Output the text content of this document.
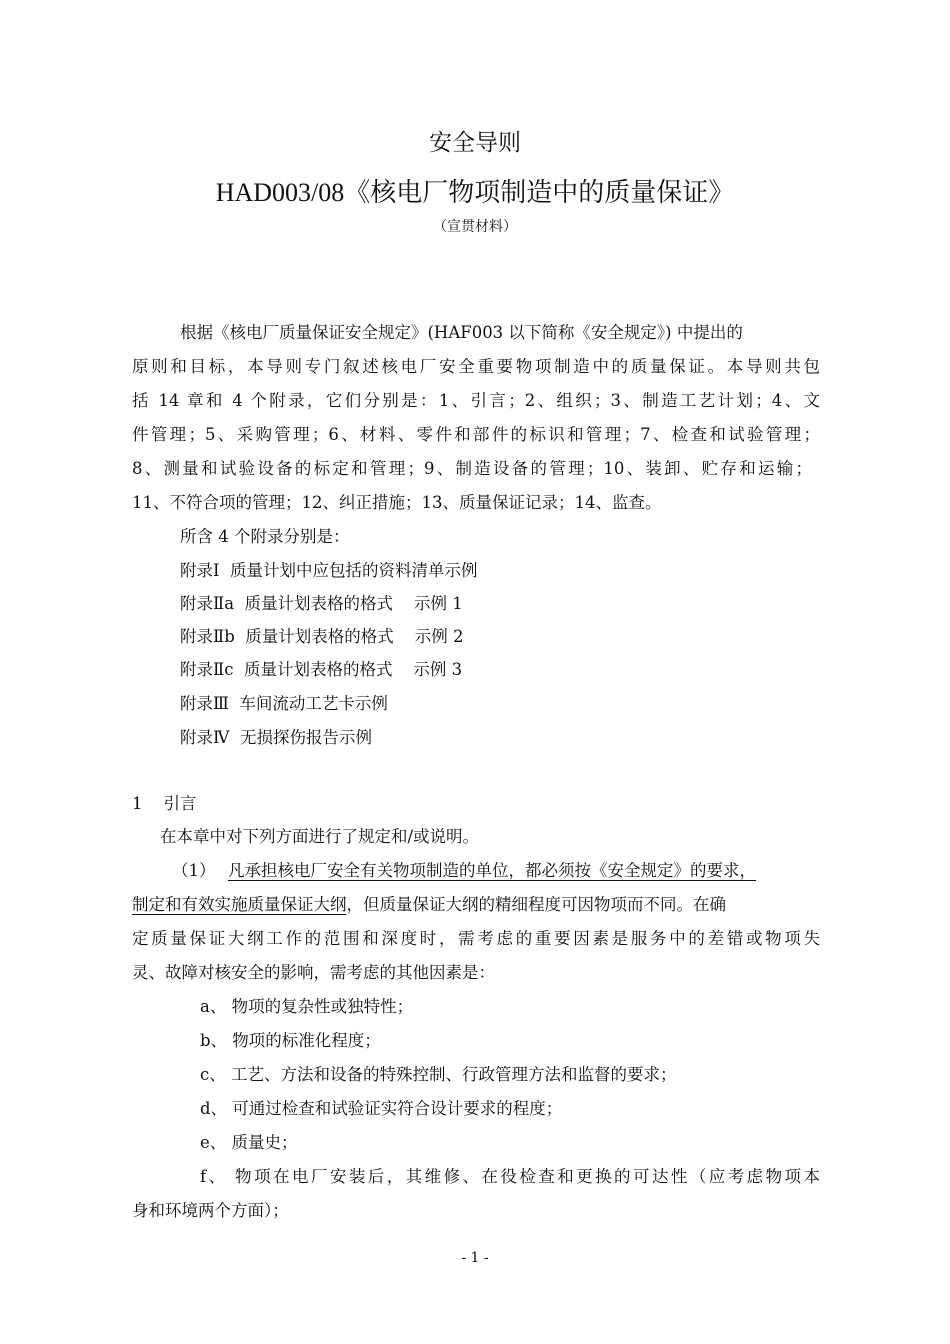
安全导则
HAD003/08《核电厂物项制造中的质量保证》
（宣贯材料）
根据《核电厂质量保证安全规定》(HAF003 以下简称《安全规定》) 中提出的
原则和目标，本导则专门叙述核电厂安全重要物项制造中的质量保证。本导则共包
括 14 章和 4 个附录，它们分别是：1、引言；2、组织；3、制造工艺计划；4、文
件管理；5、采购管理；6、材料、零件和部件的标识和管理；7、检查和试验管理；
8、测量和试验设备的标定和管理；9、制造设备的管理；10、装卸、贮存和运输；
11、不符合项的管理；12、纠正措施；13、质量保证记录；14、监查。
所含 4 个附录分别是：
附录Ⅰ  质量计划中应包括的资料清单示例
附录Ⅱa  质量计划表格的格式    示例 1
附录Ⅱb  质量计划表格的格式    示例 2
附录Ⅱc  质量计划表格的格式    示例 3
附录Ⅲ  车间流动工艺卡示例
附录Ⅳ  无损探伤报告示例
1    引言
在本章中对下列方面进行了规定和/或说明。
（1） 凡承担核电厂安全有关物项制造的单位，都必须按《安全规定》的要求，
制定和有效实施质量保证大纲，但质量保证大纲的精细程度可因物项而不同。在确
定质量保证大纲工作的范围和深度时，需考虑的重要因素是服务中的差错或物项失
灵、故障对核安全的影响，需考虑的其他因素是：
a、 物项的复杂性或独特性；
b、 物项的标准化程度；
c、 工艺、方法和设备的特殊控制、行政管理方法和监督的要求；
d、 可通过检查和试验证实符合设计要求的程度；
e、 质量史；
f、 物项在电厂安装后，其维修、在役检查和更换的可达性（应考虑物项本
身和环境两个方面）；
- 1 -
